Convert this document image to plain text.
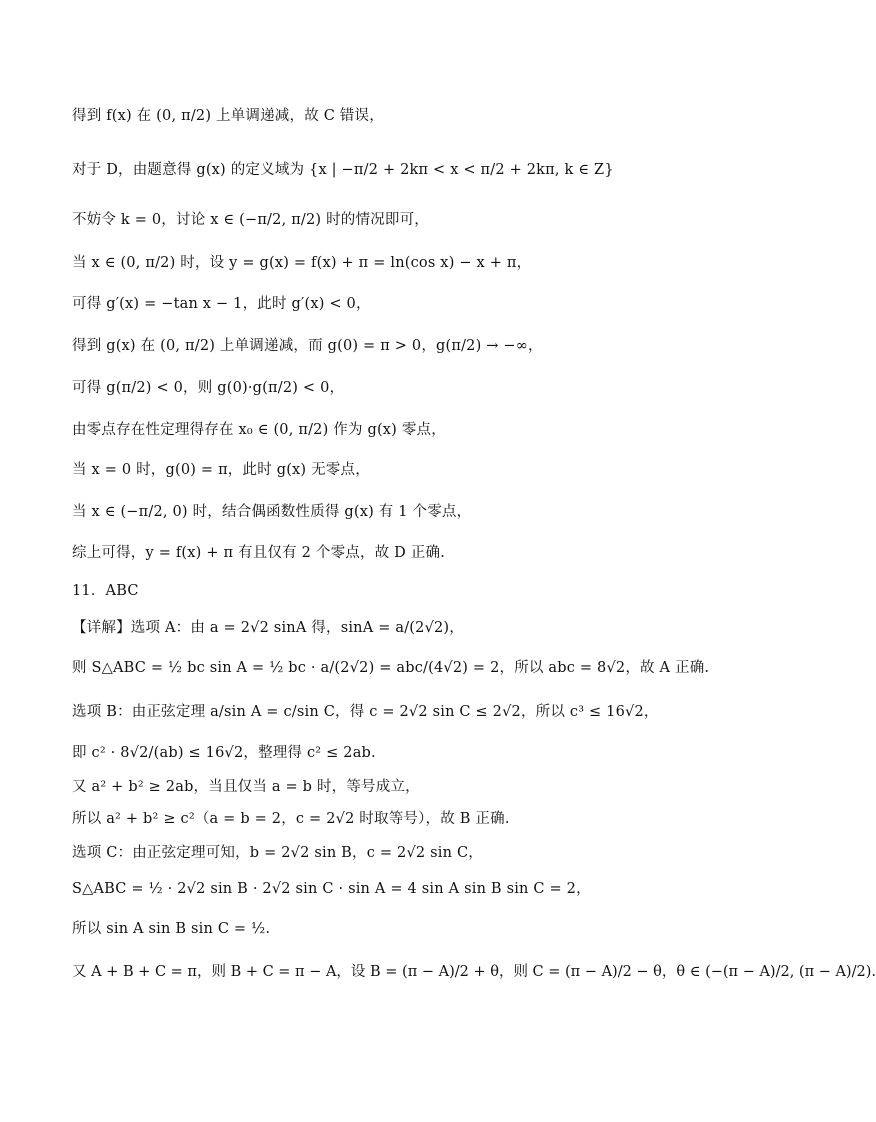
得到 f(x) 在 (0, π/2) 上单调递减，故 C 错误，
对于 D，由题意得 g(x) 的定义域为 {x | −π/2 + 2kπ < x < π/2 + 2kπ, k ∈ Z}
不妨令 k = 0，讨论 x ∈ (−π/2, π/2) 时的情况即可，
当 x ∈ (0, π/2) 时，设 y = g(x) = f(x) + π = ln(cos x) − x + π，
可得 g′(x) = −tan x − 1，此时 g′(x) < 0，
得到 g(x) 在 (0, π/2) 上单调递减，而 g(0) = π > 0，g(π/2) → −∞，
可得 g(π/2) < 0，则 g(0)·g(π/2) < 0，
由零点存在性定理得存在 x₀ ∈ (0, π/2) 作为 g(x) 零点，
当 x = 0 时，g(0) = π，此时 g(x) 无零点，
当 x ∈ (−π/2, 0) 时，结合偶函数性质得 g(x) 有 1 个零点，
综上可得，y = f(x) + π 有且仅有 2 个零点，故 D 正确.
11．ABC
【详解】选项 A：由 a = 2√2 sinA 得，sinA = a/(2√2)，
则 S△ABC = ½ bc sin A = ½ bc · a/(2√2) = abc/(4√2) = 2，所以 abc = 8√2，故 A 正确.
选项 B：由正弦定理 a/sin A = c/sin C，得 c = 2√2 sin C ≤ 2√2，所以 c³ ≤ 16√2，
即 c² · 8√2/(ab) ≤ 16√2，整理得 c² ≤ 2ab.
又 a² + b² ≥ 2ab，当且仅当 a = b 时，等号成立，
所以 a² + b² ≥ c²（a = b = 2，c = 2√2 时取等号），故 B 正确.
选项 C：由正弦定理可知，b = 2√2 sin B，c = 2√2 sin C，
S△ABC = ½ · 2√2 sin B · 2√2 sin C · sin A = 4 sin A sin B sin C = 2，
所以 sin A sin B sin C = ½.
又 A + B + C = π，则 B + C = π − A，设 B = (π − A)/2 + θ，则 C = (π − A)/2 − θ，θ ∈ (−(π − A)/2, (π − A)/2).
